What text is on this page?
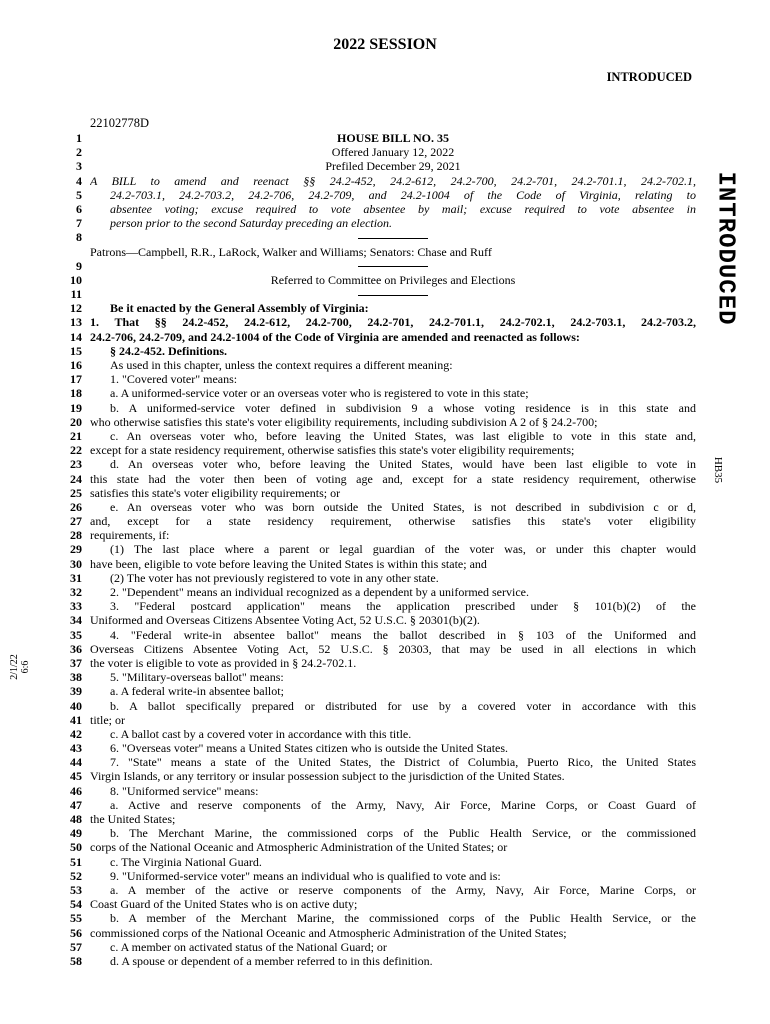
2022 SESSION
INTRODUCED
22102778D
INTRODUCED
HB35
2/1/22 6:6
1	HOUSE BILL NO. 35
2	Offered January 12, 2022
3	Prefiled December 29, 2021
4 A BILL to amend and reenact §§ 24.2-452, 24.2-612, 24.2-700, 24.2-701, 24.2-701.1, 24.2-702.1,
5	24.2-703.1, 24.2-703.2, 24.2-706, 24.2-709, and 24.2-1004 of the Code of Virginia, relating to
6	absentee voting; excuse required to vote absentee by mail; excuse required to vote absentee in
7	person prior to the second Saturday preceding an election.
8
Patrons—Campbell, R.R., LaRock, Walker and Williams; Senators: Chase and Ruff
9
10	Referred to Committee on Privileges and Elections
11
12	Be it enacted by the General Assembly of Virginia:
13 1. That §§ 24.2-452, 24.2-612, 24.2-700, 24.2-701, 24.2-701.1, 24.2-702.1, 24.2-703.1, 24.2-703.2,
14 24.2-706, 24.2-709, and 24.2-1004 of the Code of Virginia are amended and reenacted as follows:
15	§ 24.2-452. Definitions.
16	As used in this chapter, unless the context requires a different meaning:
17	1. "Covered voter" means:
18	a. A uniformed-service voter or an overseas voter who is registered to vote in this state;
19	b. A uniformed-service voter defined in subdivision 9 a whose voting residence is in this state and
20 who otherwise satisfies this state's voter eligibility requirements, including subdivision A 2 of § 24.2-700;
21	c. An overseas voter who, before leaving the United States, was last eligible to vote in this state and,
22 except for a state residency requirement, otherwise satisfies this state's voter eligibility requirements;
23	d. An overseas voter who, before leaving the United States, would have been last eligible to vote in
24 this state had the voter then been of voting age and, except for a state residency requirement, otherwise
25 satisfies this state's voter eligibility requirements; or
26	e. An overseas voter who was born outside the United States, is not described in subdivision c or d,
27 and, except for a state residency requirement, otherwise satisfies this state's voter eligibility
28 requirements, if:
29	(1) The last place where a parent or legal guardian of the voter was, or under this chapter would
30 have been, eligible to vote before leaving the United States is within this state; and
31	(2) The voter has not previously registered to vote in any other state.
32	2. "Dependent" means an individual recognized as a dependent by a uniformed service.
33	3. "Federal postcard application" means the application prescribed under § 101(b)(2) of the
34 Uniformed and Overseas Citizens Absentee Voting Act, 52 U.S.C. § 20301(b)(2).
35	4. "Federal write-in absentee ballot" means the ballot described in § 103 of the Uniformed and
36 Overseas Citizens Absentee Voting Act, 52 U.S.C. § 20303, that may be used in all elections in which
37 the voter is eligible to vote as provided in § 24.2-702.1.
38	5. "Military-overseas ballot" means:
39	a. A federal write-in absentee ballot;
40	b. A ballot specifically prepared or distributed for use by a covered voter in accordance with this
41 title; or
42	c. A ballot cast by a covered voter in accordance with this title.
43	6. "Overseas voter" means a United States citizen who is outside the United States.
44	7. "State" means a state of the United States, the District of Columbia, Puerto Rico, the United States
45 Virgin Islands, or any territory or insular possession subject to the jurisdiction of the United States.
46	8. "Uniformed service" means:
47	a. Active and reserve components of the Army, Navy, Air Force, Marine Corps, or Coast Guard of
48 the United States;
49	b. The Merchant Marine, the commissioned corps of the Public Health Service, or the commissioned
50 corps of the National Oceanic and Atmospheric Administration of the United States; or
51	c. The Virginia National Guard.
52	9. "Uniformed-service voter" means an individual who is qualified to vote and is:
53	a. A member of the active or reserve components of the Army, Navy, Air Force, Marine Corps, or
54 Coast Guard of the United States who is on active duty;
55	b. A member of the Merchant Marine, the commissioned corps of the Public Health Service, or the
56 commissioned corps of the National Oceanic and Atmospheric Administration of the United States;
57	c. A member on activated status of the National Guard; or
58	d. A spouse or dependent of a member referred to in this definition.
